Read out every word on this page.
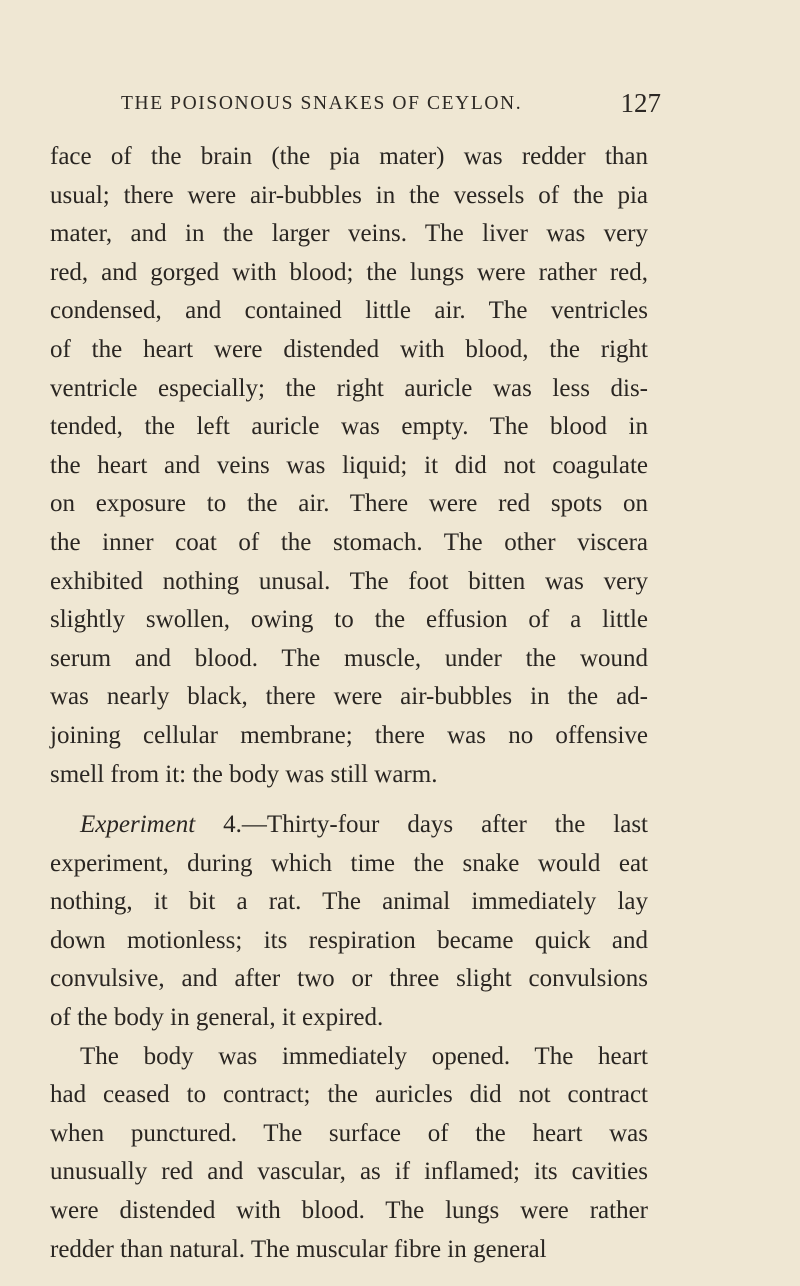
THE POISONOUS SNAKES OF CEYLON.	127
face of the brain (the pia mater) was redder than
usual; there were air-bubbles in the vessels of the pia
mater, and in the larger veins. The liver was very
red, and gorged with blood; the lungs were rather red,
condensed, and contained little air. The ventricles
of the heart were distended with blood, the right
ventricle especially; the right auricle was less dis-
tended, the left auricle was empty. The blood in
the heart and veins was liquid; it did not coagulate
on exposure to the air. There were red spots on
the inner coat of the stomach. The other viscera
exhibited nothing unusal. The foot bitten was very
slightly swollen, owing to the effusion of a little
serum and blood. The muscle, under the wound
was nearly black, there were air-bubbles in the ad-
joining cellular membrane; there was no offensive
smell from it: the body was still warm.
Experiment 4.—Thirty-four days after the last
experiment, during which time the snake would eat
nothing, it bit a rat. The animal immediately lay
down motionless; its respiration became quick and
convulsive, and after two or three slight convulsions
of the body in general, it expired.
The body was immediately opened. The heart
had ceased to contract; the auricles did not contract
when punctured. The surface of the heart was
unusually red and vascular, as if inflamed; its cavities
were distended with blood. The lungs were rather
redder than natural. The muscular fibre in general
